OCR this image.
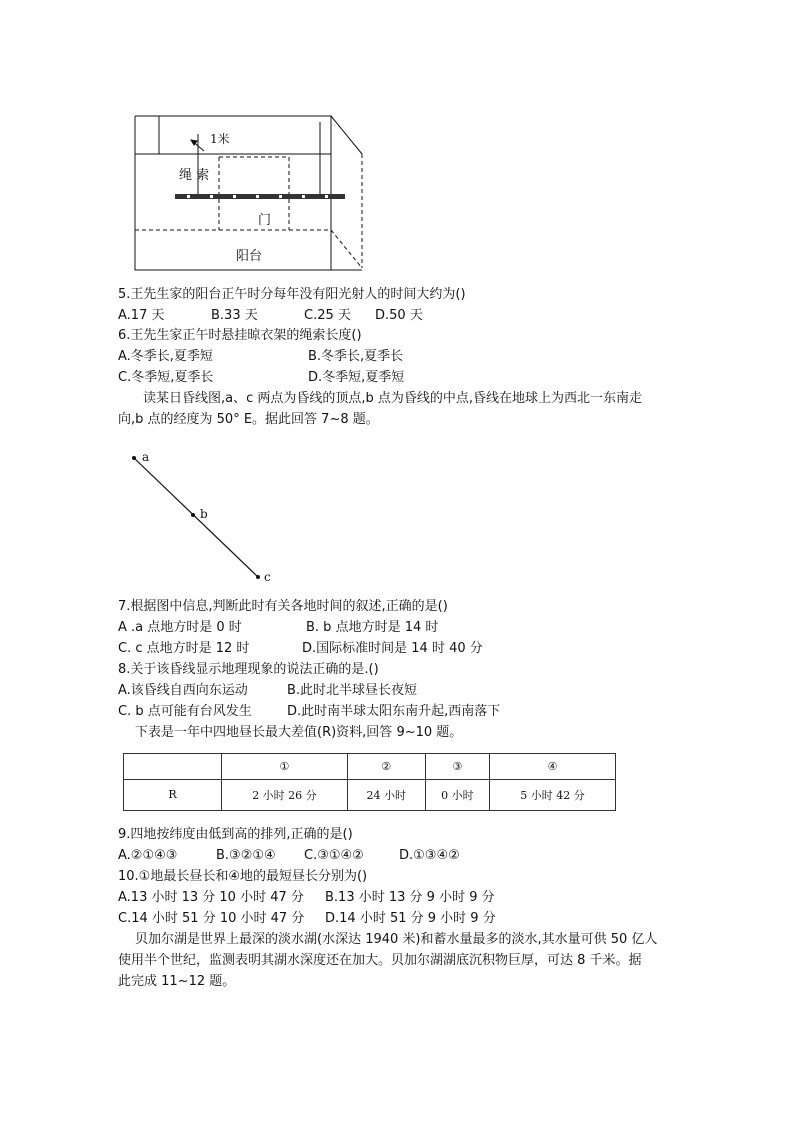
1米
绳 索
门
阳台
5.王先生家的阳台正午时分每年没有阳光射人的时间大约为()
A.17 天	B.33 天	C.25 天 D.50 天
6.王先生家正午时悬挂晾衣架的绳索长度()
A.冬季长,夏季短	B.冬季长,夏季长
C.冬季短,夏季长	D.冬季短,夏季短
读某日昏线图,a、c 两点为昏线的顶点,b 点为昏线的中点,昏线在地球上为西北一东南走
向,b 点的经度为 50° E。据此回答 7~8 题。
a
b
c
7.根据图中信息,判断此时有关各地时间的叙述,正确的是()
A .a 点地方时是 0 时	B. b 点地方时是 14 时
C. c 点地方时是 12 时	D.国际标准时间是 14 时 40 分
8.关于该昏线显示地理现象的说法正确的是.()
A.该昏线自西向东运动	B.此时北半球昼长夜短
C. b 点可能有台风发生	D.此时南半球太阳东南升起,西南落下
下表是一年中四地昼长最大差值(R)资料,回答 9~10 题。
	①	②	③	④
R	2 小时 26 分	24 小时	0 小时	5 小时 42 分
9.四地按纬度由低到高的排列,正确的是()
A.②①④③	B.③②①④ C.③①④②	D.①③④②
10.①地最长昼长和④地的最短昼长分别为()
A.13 小时 13 分 10 小时 47 分 B.13 小时 13 分 9 小时 9 分
C.14 小时 51 分 10 小时 47 分 D.14 小时 51 分 9 小时 9 分
贝加尔湖是世界上最深的淡水湖(水深达 1940 米)和蓄水量最多的淡水,其水量可供 50 亿人
使用半个世纪，监测表明其湖水深度还在加大。贝加尔湖湖底沉积物巨厚，可达 8 千米。据
此完成 11~12 题。
